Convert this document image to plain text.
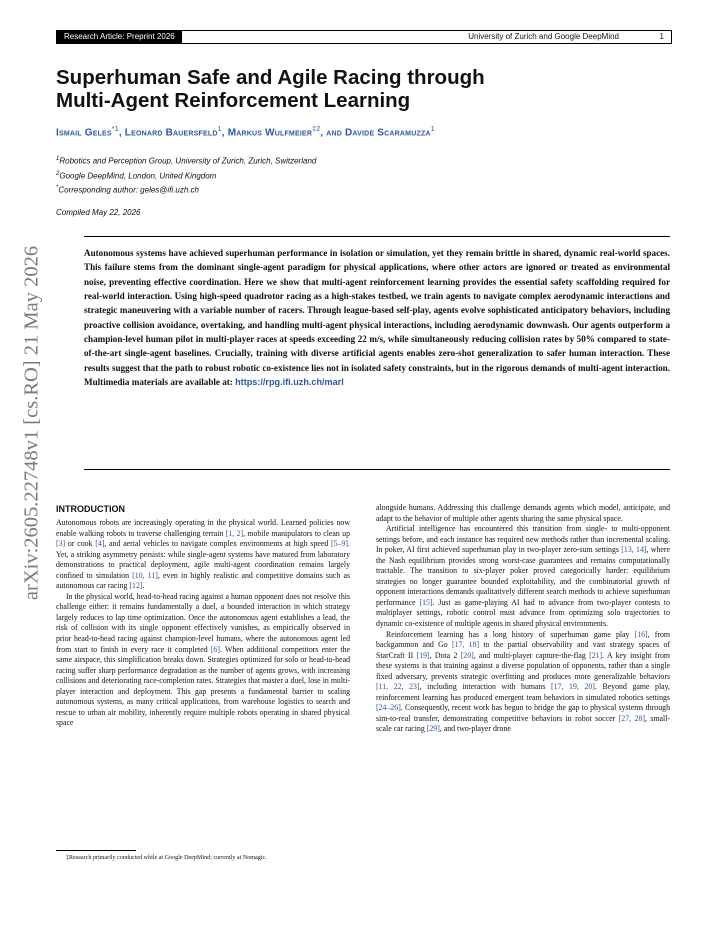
Research Article: Preprint 2026	University of Zurich and Google DeepMind	1
Superhuman Safe and Agile Racing through
Multi-Agent Reinforcement Learning
Ismail Geles$^{*1}$, Leonard Bauersfeld$^1$, Markus Wulfmeier$^{\ddagger 2}$, and Davide Scaramuzza$^1$
$^1$Robotics and Perception Group, University of Zurich, Zurich, Switzerland
$^2$Google DeepMind, London, United Kingdom
*Corresponding author: geles@ifi.uzh.ch
Compiled May 22, 2026
Autonomous systems have achieved superhuman performance in isolation or simulation, yet they remain brittle in shared, dynamic real-world spaces. This failure stems from the dominant single-agent paradigm for physical applications, where other actors are ignored or treated as environmental noise, preventing effective coordination. Here we show that multi-agent reinforcement learning provides the essential safety scaffolding required for real-world interaction. Using high-speed quadrotor racing as a high-stakes testbed, we train agents to navigate complex aerodynamic interactions and strategic maneuvering with a variable number of racers. Through league-based self-play, agents evolve sophisticated anticipatory behaviors, including proactive collision avoidance, overtaking, and handling multi-agent physical interactions, including aerodynamic downwash. Our agents outperform a champion-level human pilot in multi-player races at speeds exceeding 22 m/s, while simultaneously reducing collision rates by 50% compared to state-of-the-art single-agent baselines. Crucially, training with diverse artificial agents enables zero-shot generalization to safer human interaction. These results suggest that the path to robust robotic co-existence lies not in isolated safety constraints, but in the rigorous demands of multi-agent interaction. Multimedia materials are available at: https://rpg.ifi.uzh.ch/marl
arXiv:2605.22748v1 [cs.RO] 21 May 2026 INTRODUCTION

Autonomous robots are increasingly operating in the physical world. Learned policies now enable walking robots to traverse challenging terrain [1, 2], mobile manipulators to clean up [3] or cook [4], and aerial vehicles to navigate complex environments at high speed [5–9]. Yet, a striking asymmetry persists: while single-agent systems have matured from laboratory demonstrations to practical deployment, agile multi-agent coordination remains largely confined to simulation [10, 11], even in highly realistic and competitive domains such as autonomous car racing [12].

In the physical world, head-to-head racing against a human opponent does not resolve this challenge either: it remains fundamentally a duel, a bounded interaction in which strategy largely reduces to lap time optimization. Once the autonomous agent establishes a lead, the risk of collision with its single opponent effectively vanishes, as empirically observed in prior head-to-head racing against champion-level humans, where the autonomous agent led from start to finish in every race it completed [6]. When additional competitors enter the same airspace, this simplification breaks down. Strategies optimized for solo or head-to-head racing suffer sharp performance degradation as the number of agents grows, with increasing collisions and deteriorating race-completion rates. Strategies that master a duel, lose in multi-player interaction and deployment. This gap presents a fundamental barrier to scaling autonomous systems, as many critical applications, from warehouse logistics to search and rescue to urban air mobility, inherently require multiple robots operating in shared physical space

alongside humans. Addressing this challenge demands agents which model, anticipate, and adapt to the behavior of multiple other agents sharing the same physical space.

Artificial intelligence has encountered this transition from single- to multi-opponent settings before, and each instance has required new methods rather than incremental scaling. In poker, AI first achieved superhuman play in two-player zero-sum settings [13, 14], where the Nash equilibrium provides strong worst-case guarantees and remains computationally tractable. The transition to six-player poker proved categorically harder: equilibrium strategies no longer guarantee bounded exploitability, and the combinatorial growth of opponent interactions demands qualitatively different search methods to achieve superhuman performance [15]. Just as game-playing AI had to advance from two-player contests to multiplayer settings, robotic control must advance from optimizing solo trajectories to dynamic co-existence of multiple agents in shared physical environments.

Reinforcement learning has a long history of superhuman game play [16], from backgammon and Go [17, 18] to the partial observability and vast strategy spaces of StarCraft II [19], Dota 2 [20], and multi-player capture-the-flag [21]. A key insight from these systems is that training against a diverse population of opponents, rather than a single fixed adversary, prevents strategic overfitting and produces more generalizable behaviors [11, 22, 23], including interaction with humans [17, 19, 20]. Beyond game play, reinforcement learning has produced emergent team behaviors in simulated robotics settings [24–26]. Consequently, recent work has begun to bridge the gap to physical systems through sim-to-real transfer, demonstrating competitive behaviors in robot soccer [27, 28], small-scale car racing [29], and two-player drone

‡Research primarily conducted while at Google DeepMind; currently at Nomagic.
